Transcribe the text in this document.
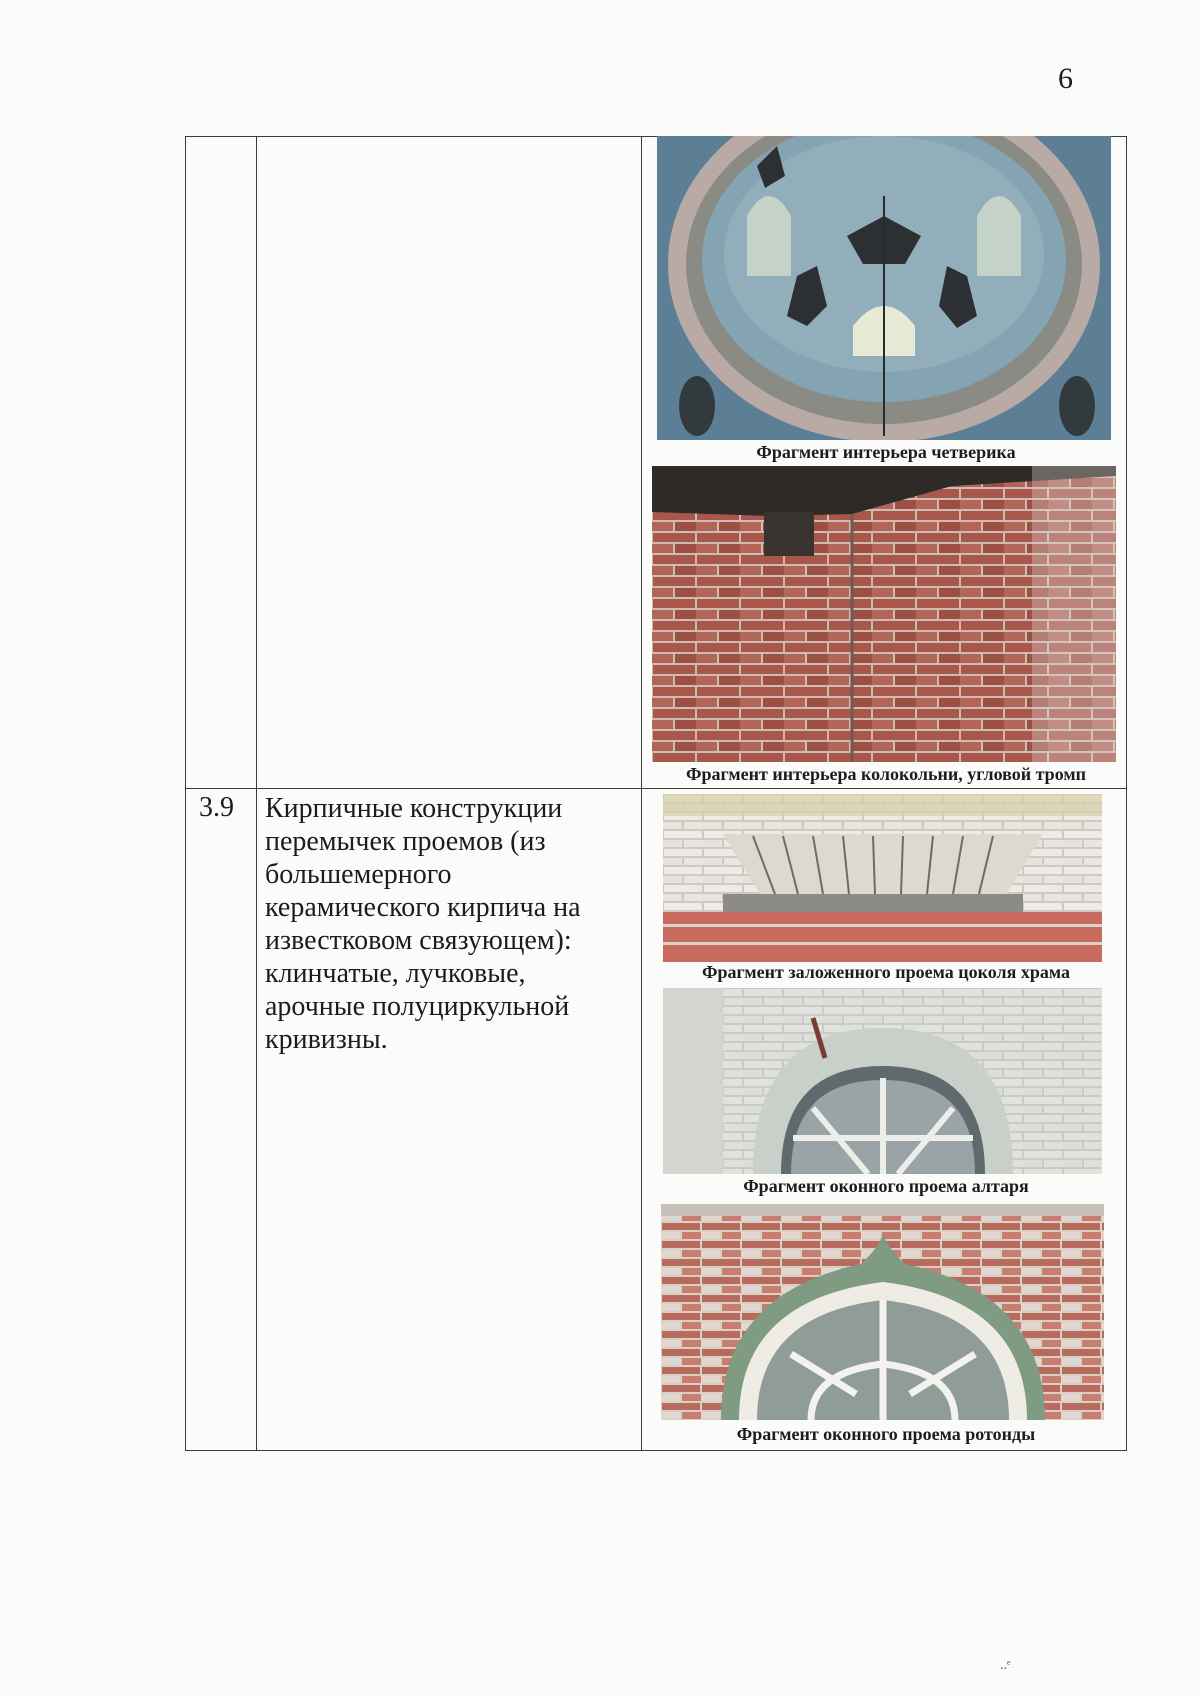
6
3.9 Кирпичные конструкции перемычек проемов (из большемерного керамического кирпича на известковом связующем): клинчатые, лучковые, арочные полуциркульной кривизны.
Фрагмент интерьера четверика
Фрагмент интерьера колокольни, угловой тромп
Фрагмент заложенного проема цоколя храма
Фрагмент оконного проема алтаря
Фрагмент оконного проема ротонды
..ᵉ
